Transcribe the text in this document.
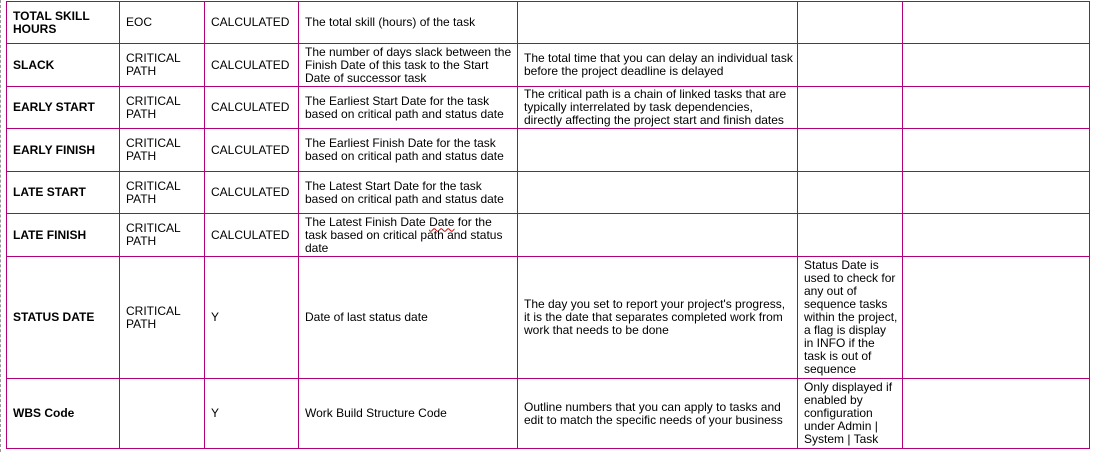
TOTAL SKILL HOURS	EOC	CALCULATED	The total skill (hours) of the task			
SLACK	CRITICAL PATH	CALCULATED	The number of days slack between the Finish Date of this task to the Start Date of successor task	The total time that you can delay an individual task before the project deadline is delayed		
EARLY START	CRITICAL PATH	CALCULATED	The Earliest Start Date for the task based on critical path and status date	The critical path is a chain of linked tasks that are typically interrelated by task dependencies, directly affecting the project start and finish dates		
EARLY FINISH	CRITICAL PATH	CALCULATED	The Earliest Finish Date for the task based on critical path and status date			
LATE START	CRITICAL PATH	CALCULATED	The Latest Start Date for the task based on critical path and status date			
LATE FINISH	CRITICAL PATH	CALCULATED	The Latest Finish Date Date for the task based on critical path and status date			
STATUS DATE	CRITICAL PATH	Y	Date of last status date	The day you set to report your project's progress, it is the date that separates completed work from work that needs to be done	Status Date is used to check for any out of sequence tasks within the project, a flag is display in INFO if the task is out of sequence	

WBS Code		Y	Work Build Structure Code	Outline numbers that you can apply to tasks and edit to match the specific needs of your business	Only displayed if enabled by configuration under Admin | System | Task	
